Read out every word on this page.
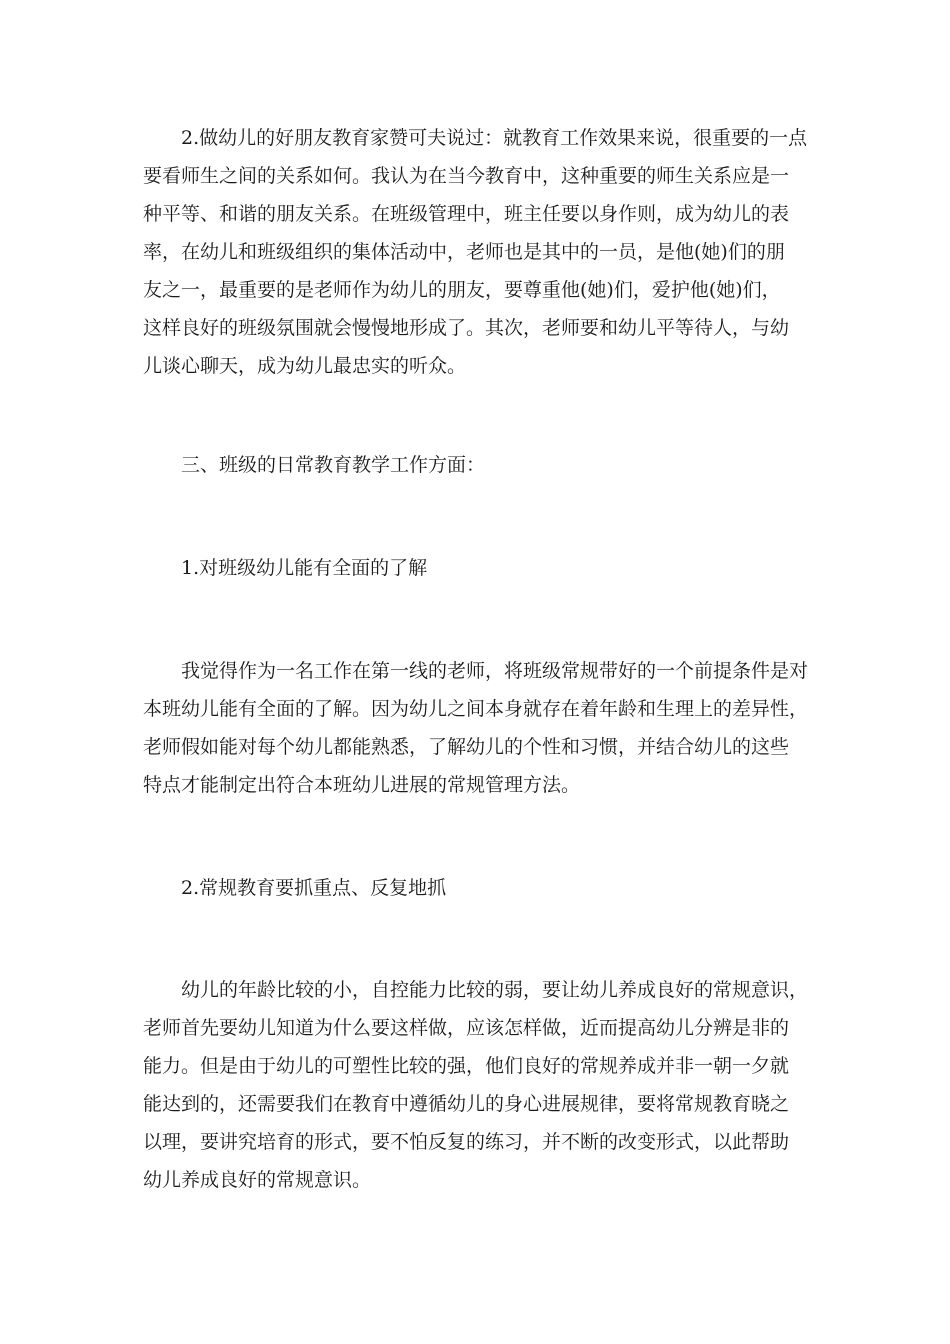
2.做幼儿的好朋友教育家赞可夫说过：就教育工作效果来说，很重要的一点
要看师生之间的关系如何。我认为在当今教育中，这种重要的师生关系应是一
种平等、和谐的朋友关系。在班级管理中，班主任要以身作则，成为幼儿的表
率，在幼儿和班级组织的集体活动中，老师也是其中的一员，是他(她)们的朋
友之一，最重要的是老师作为幼儿的朋友，要尊重他(她)们，爱护他(她)们，
这样良好的班级氛围就会慢慢地形成了。其次，老师要和幼儿平等待人，与幼
儿谈心聊天，成为幼儿最忠实的听众。
三、班级的日常教育教学工作方面：
1.对班级幼儿能有全面的了解
我觉得作为一名工作在第一线的老师，将班级常规带好的一个前提条件是对
本班幼儿能有全面的了解。因为幼儿之间本身就存在着年龄和生理上的差异性，
老师假如能对每个幼儿都能熟悉，了解幼儿的个性和习惯，并结合幼儿的这些
特点才能制定出符合本班幼儿进展的常规管理方法。
2.常规教育要抓重点、反复地抓
幼儿的年龄比较的小，自控能力比较的弱，要让幼儿养成良好的常规意识，
老师首先要幼儿知道为什么要这样做，应该怎样做，近而提高幼儿分辨是非的
能力。但是由于幼儿的可塑性比较的强，他们良好的常规养成并非一朝一夕就
能达到的，还需要我们在教育中遵循幼儿的身心进展规律，要将常规教育晓之
以理，要讲究培育的形式，要不怕反复的练习，并不断的改变形式，以此帮助
幼儿养成良好的常规意识。
